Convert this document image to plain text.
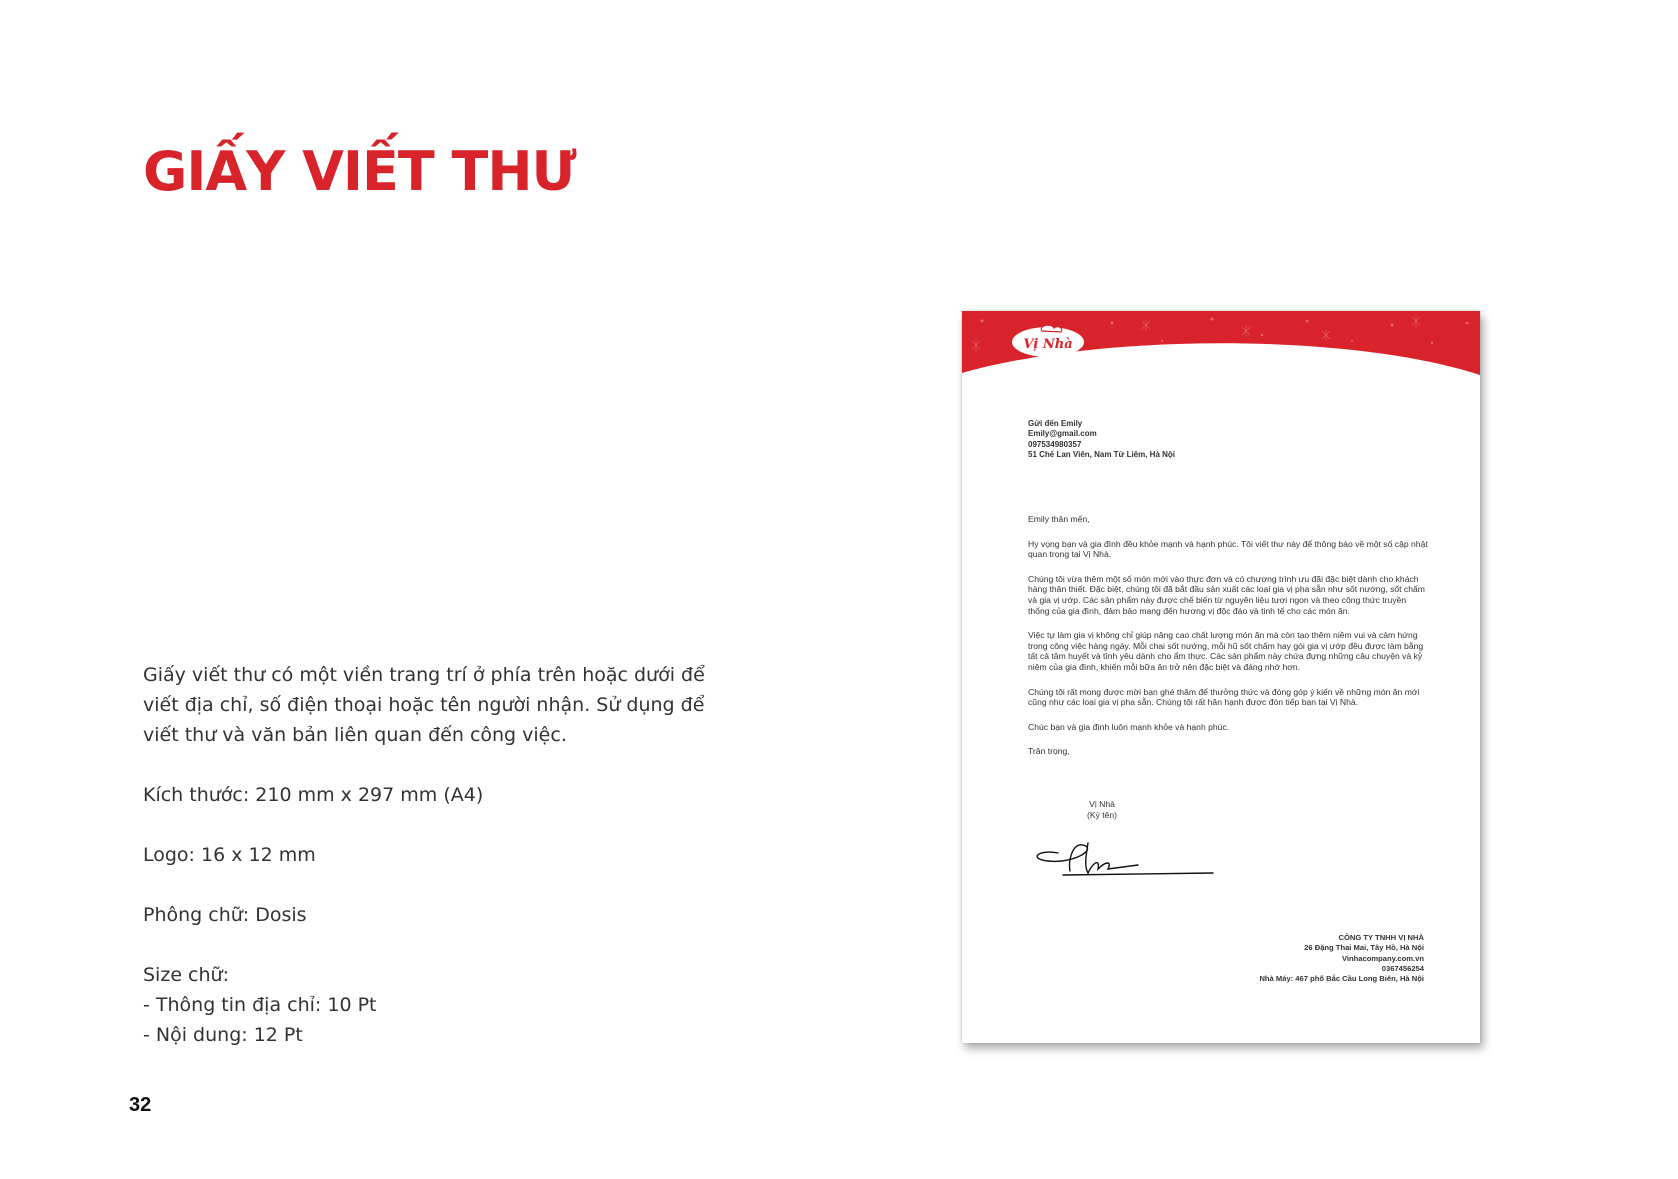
GIẤY VIẾT THƯ

Giấy viết thư có một viền trang trí ở phía trên hoặc dưới để viết địa chỉ, số điện thoại hoặc tên người nhận. Sử dụng để viết thư và văn bản liên quan đến công việc.

Kích thước: 210 mm x 297 mm (A4)

Logo: 16 x 12 mm

Phông chữ: Dosis

Size chữ:

- Thông tin địa chỉ: 10 Pt

- Nội dung: 12 Pt

32
Vị Nhà
Gửi đến Emily
Emily@gmail.com
097534980357
51 Chế Lan Viên, Nam Từ Liêm, Hà Nội

Emily thân mến,

Hy vọng bạn và gia đình đều khỏe mạnh và hạnh phúc. Tôi viết thư này để thông báo về một số cập nhật quan trọng tại Vị Nhà.

Chúng tôi vừa thêm một số món mới vào thực đơn và có chương trình ưu đãi đặc biệt dành cho khách hàng thân thiết. Đặc biệt, chúng tôi đã bắt đầu sản xuất các loại gia vị pha sẵn như sốt nướng, sốt chấm và gia vị ướp. Các sản phẩm này được chế biến từ nguyên liệu tươi ngon và theo công thức truyền thống của gia đình, đảm bảo mang đến hương vị độc đáo và tinh tế cho các món ăn.

Việc tự làm gia vị không chỉ giúp nâng cao chất lượng món ăn mà còn tạo thêm niềm vui và cảm hứng trong công việc hàng ngày. Mỗi chai sốt nướng, mỗi hũ sốt chấm hay gói gia vị ướp đều được làm bằng tất cả tâm huyết và tình yêu dành cho ẩm thực. Các sản phẩm này chứa đựng những câu chuyện và kỷ niệm của gia đình, khiến mỗi bữa ăn trở nên đặc biệt và đáng nhớ hơn.

Chúng tôi rất mong được mời bạn ghé thăm để thưởng thức và đóng góp ý kiến về những món ăn mới cũng như các loại gia vị pha sẵn. Chúng tôi rất hân hạnh được đón tiếp bạn tại Vị Nhà.

Chúc bạn và gia đình luôn mạnh khỏe và hạnh phúc.

Trân trọng,

Vị Nhà
(Ký tên)
CÔNG TY TNHH VỊ NHÀ
26 Đặng Thai Mai, Tây Hồ, Hà Nội
Vinhacompany.com.vn
0367456254
Nhà Máy: 467 phố Bắc Cầu Long Biên, Hà Nội
